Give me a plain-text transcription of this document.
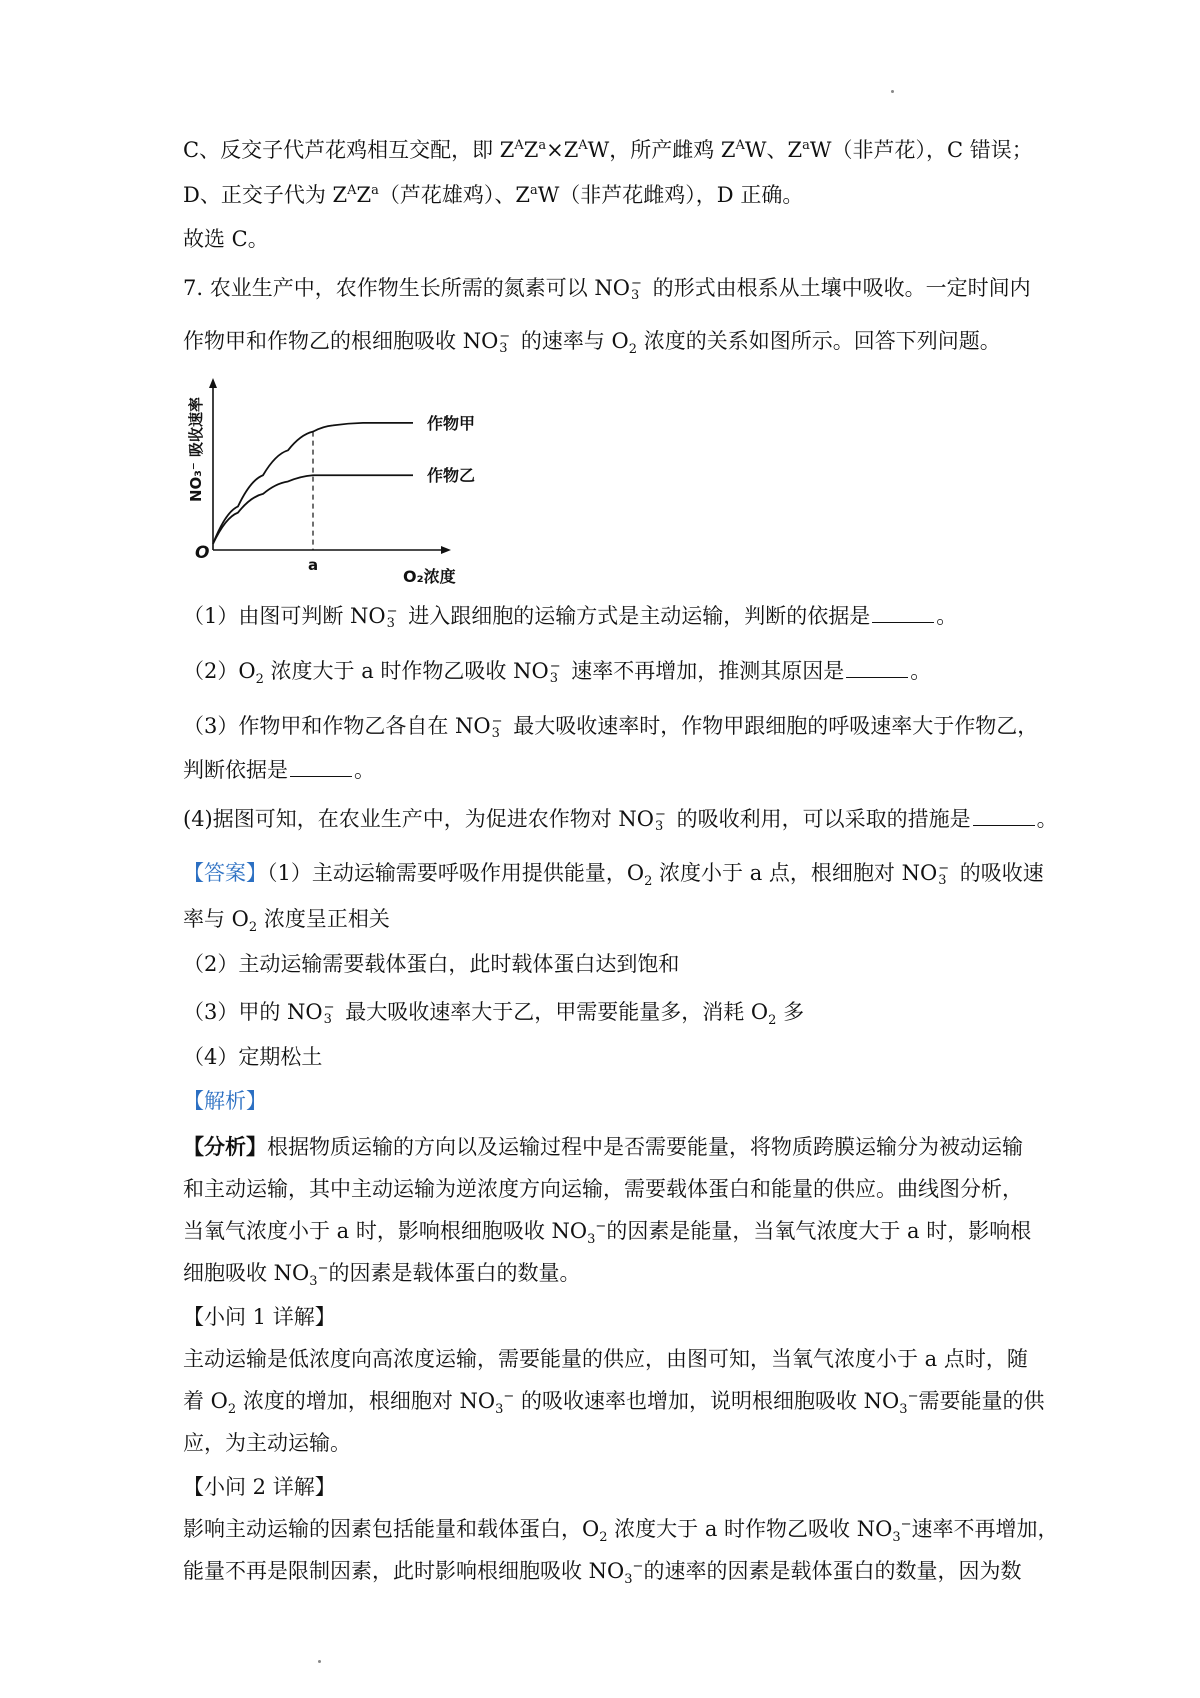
C、反交子代芦花鸡相互交配，即 $Z^AZ^a\times Z^AW$，所产雌鸡 $Z^AW$、$Z^aW$（非芦花），C 错误；
D、正交子代为 $Z^AZ^a$（芦花雄鸡）、$Z^aW$（非芦花雌鸡），D 正确。
故选 C。
7. 农业生产中，农作物生长所需的氮素可以 NO −
3 的形式由根系从土壤中吸收。一定时间内
作物甲和作物乙的根细胞吸收 NO −
3 的速率与 $O_2$ 浓度的关系如图所示。回答下列问题。
作物甲
作物乙
O
a
O₂浓度
NO₃⁻ 吸收速率
（1）由图可判断 NO −
3 进入跟细胞的运输方式是主动运输，判断的依据是	。
$(2)O_2$ 浓度大于 a 时作物乙吸收 NO −
3 速率不再增加，推测其原因是	。
（3）作物甲和作物乙各自在 NO −
3 最大吸收速率时，作物甲跟细胞的呼吸速率大于作物乙，
判断依据是	。
(4)据图可知，在农业生产中，为促进农作物对 NO −
3 的吸收利用，可以采取的措施是	。
【答案】（1）主动运输需要呼吸作用提供能量，$O_2$ 浓度小于 a 点，根细胞对 NO −
3 的吸收速
率与 $O_2$ 浓度呈正相关
（2）主动运输需要载体蛋白，此时载体蛋白达到饱和
（3）甲的 NO −
3 最大吸收速率大于乙，甲需要能量多，消耗 $O_2$ 多
（4）定期松土
【解析】
【分析】根据物质运输的方向以及运输过程中是否需要能量，将物质跨膜运输分为被动运输
和主动运输，其中主动运输为逆浓度方向运输，需要载体蛋白和能量的供应。曲线图分析，
当氧气浓度小于 a 时，影响根细胞吸收 $NO_3^-$的因素是能量，当氧气浓度大于 a 时，影响根
细胞吸收 $NO_3^-$的因素是载体蛋白的数量。
【小问 1 详解】
主动运输是低浓度向高浓度运输，需要能量的供应，由图可知，当氧气浓度小于 a 点时，随
着 $O_2$ 浓度的增加，根细胞对 $NO_3^-$ 的吸收速率也增加，说明根细胞吸收 $NO_3^-$需要能量的供
应，为主动运输。
【小问 2 详解】
影响主动运输的因素包括能量和载体蛋白，$O_2$ 浓度大于 a 时作物乙吸收 $NO_3^-$速率不再增加，
能量不再是限制因素，此时影响根细胞吸收 $NO_3^-$的速率的因素是载体蛋白的数量，因为数
